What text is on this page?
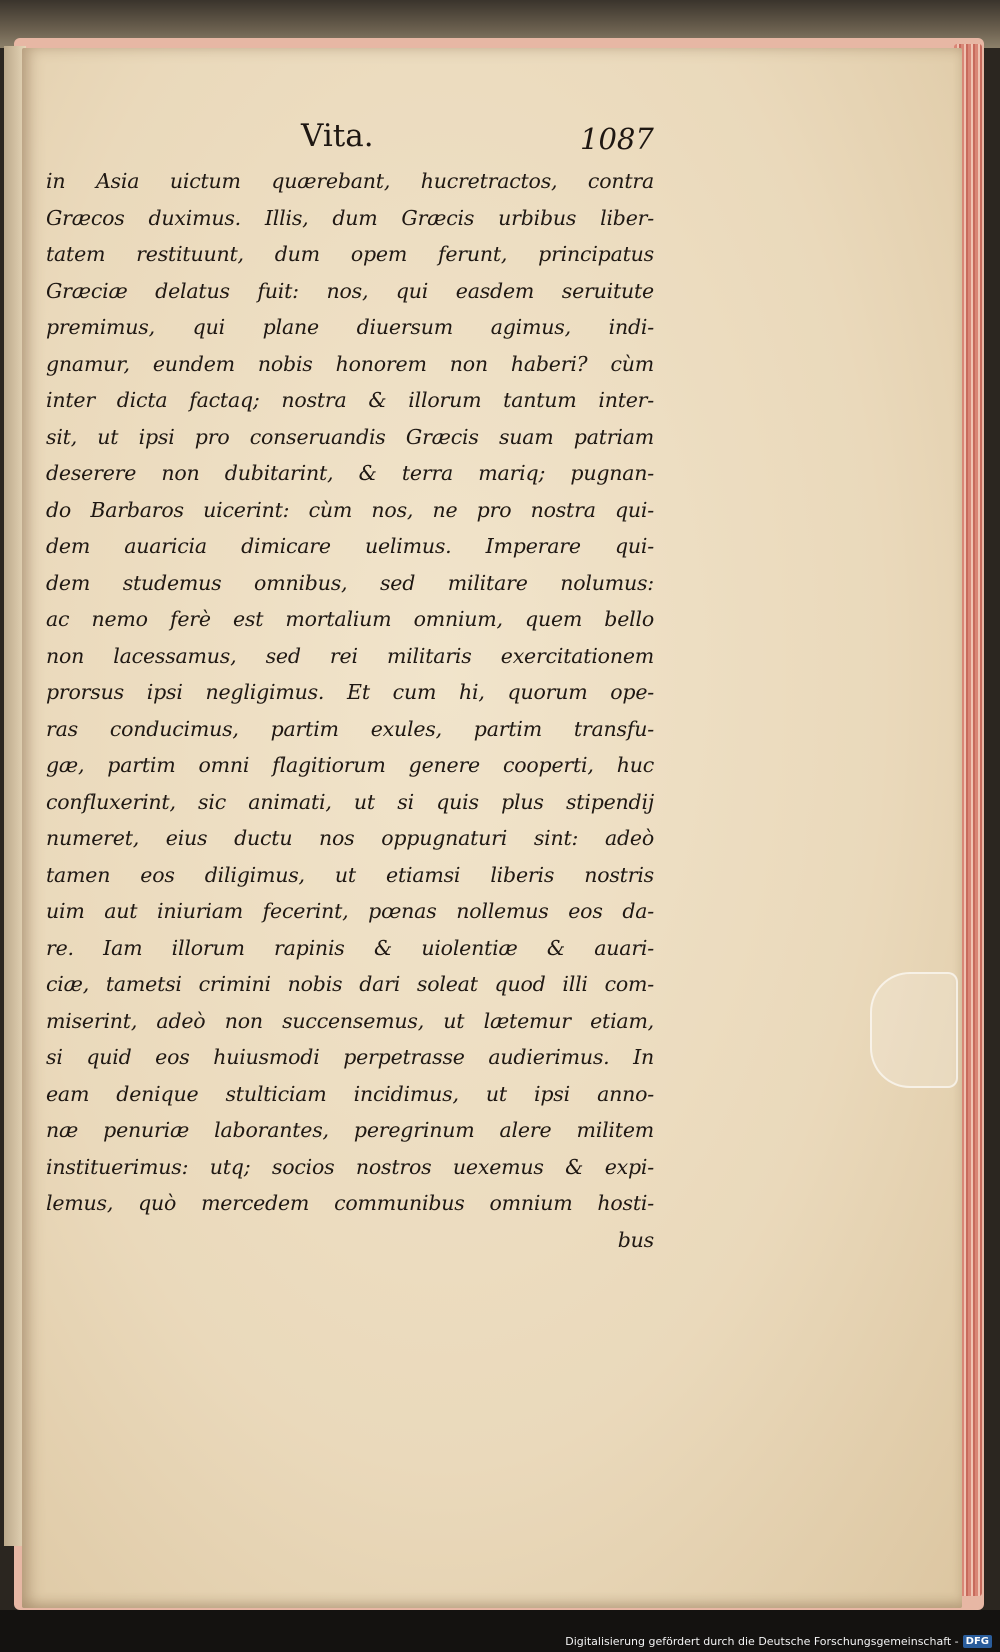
Vita.	1087
in Asia uictum quærebant, hucretractos, contra
Græcos duximus. Illis, dum Græcis urbibus liber-
tatem restituunt, dum opem ferunt, principatus
Græciæ delatus fuit: nos, qui easdem seruitute
premimus, qui plane diuersum agimus, indi-
gnamur, eundem nobis honorem non haberi? cùm
inter dicta factaq; nostra & illorum tantum inter-
sit, ut ipsi pro conseruandis Græcis suam patriam
deserere non dubitarint, & terra mariq; pugnan-
do Barbaros uicerint: cùm nos, ne pro nostra qui-
dem auaricia dimicare uelimus. Imperare qui-
dem studemus omnibus, sed militare nolumus:
ac nemo ferè est mortalium omnium, quem bello
non lacessamus, sed rei militaris exercitationem
prorsus ipsi negligimus. Et cum hi, quorum ope-
ras conducimus, partim exules, partim transfu-
gæ, partim omni flagitiorum genere cooperti, huc
confluxerint, sic animati, ut si quis plus stipendij
numeret, eius ductu nos oppugnaturi sint: adeò
tamen eos diligimus, ut etiamsi liberis nostris
uim aut iniuriam fecerint, pœnas nollemus eos da-
re. Iam illorum rapinis & uiolentiæ & auari-
ciæ, tametsi crimini nobis dari soleat quod illi com-
miserint, adeò non succensemus, ut lætemur etiam,
si quid eos huiusmodi perpetrasse audierimus. In
eam denique stulticiam incidimus, ut ipsi anno-
næ penuriæ laborantes, peregrinum alere militem
instituerimus: utq; socios nostros uexemus & expi-
lemus, quò mercedem communibus omnium hosti-
bus
Digitalisierung gefördert durch die Deutsche Forschungsgemeinschaft - DFG
